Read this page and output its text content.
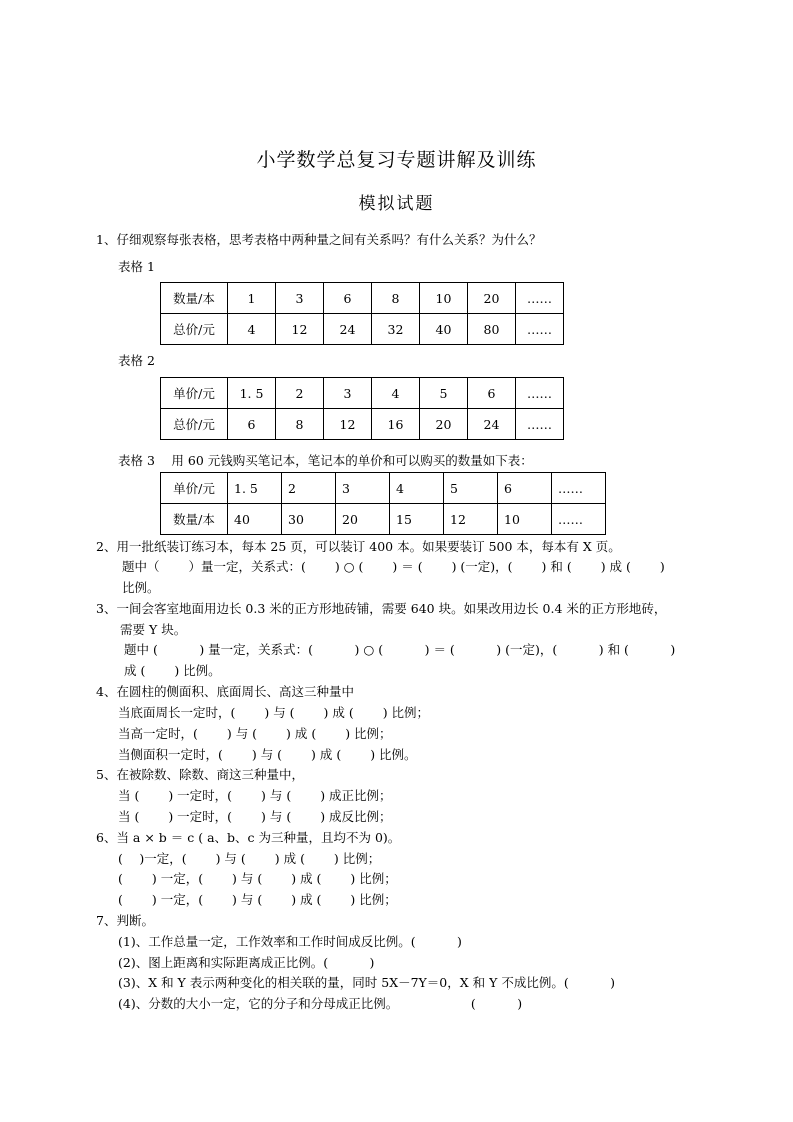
小学数学总复习专题讲解及训练
模拟试题
1、仔细观察每张表格，思考表格中两种量之间有关系吗？有什么关系？为什么？
表格 1
数量/本	1	3	6	8	10	20	……
总价/元	4	12	24	32	40	80	……
表格 2
单价/元	1. 5	2	3	4	5	6	……
总价/元	6	8	12	16	20	24	……
表格 3　 用 60 元钱购买笔记本，笔记本的单价和可以购买的数量如下表：
单价/元	1. 5	2	3	4	5	6	……
数量/本	40	30	20	15	12	10	……
2、用一批纸装订练习本，每本 25 页，可以装订 400 本。如果要装订 500 本，每本有 X 页。
题中（　　 ）量一定，关系式：(　　 ) ○ (　　 ) ＝ (　　 ) (一定)，(　　 ) 和 (　　 ) 成 (　　 )
比例。
3、一间会客室地面用边长 0.3 米的正方形地砖铺，需要 640 块。如果改用边长 0.4 米的正方形地砖，
需要 Y 块。
题中 (　　　 ) 量一定，关系式：(　　　 ) ○ (　　　 ) ＝ (　　　 ) (一定)，(　　　 ) 和 (　　　 )
成 (　　 ) 比例。
4、在圆柱的侧面积、底面周长、高这三种量中
当底面周长一定时，(　　 ) 与 (　　 ) 成 (　　 ) 比例；
当高一定时，(　　 ) 与 (　　 ) 成 (　　 ) 比例；
当侧面积一定时，(　　 ) 与 (　　 ) 成 (　　 ) 比例。
5、在被除数、除数、商这三种量中，
当 (　　 ) 一定时，(　　 ) 与 (　　 ) 成正比例；
当 (　　 ) 一定时，(　　 ) 与 (　　 ) 成反比例；
6、当 a × b ＝ c ( a、b、c 为三种量，且均不为 0)。
(　 )一定，(　　 ) 与 (　　 ) 成 (　　 ) 比例；
(　　 ) 一定，(　　 ) 与 (　　 ) 成 (　　 ) 比例；
(　　 ) 一定，(　　 ) 与 (　　 ) 成 (　　 ) 比例；
7、判断。
(1)、工作总量一定，工作效率和工作时间成反比例。(　　　 )
(2)、图上距离和实际距离成正比例。(　　　 )
(3)、X 和 Y 表示两种变化的相关联的量，同时 5X－7Y＝0，X 和 Y 不成比例。(　　　 )
(4)、分数的大小一定，它的分子和分母成正比例。　　　　　　 (　　　 )
